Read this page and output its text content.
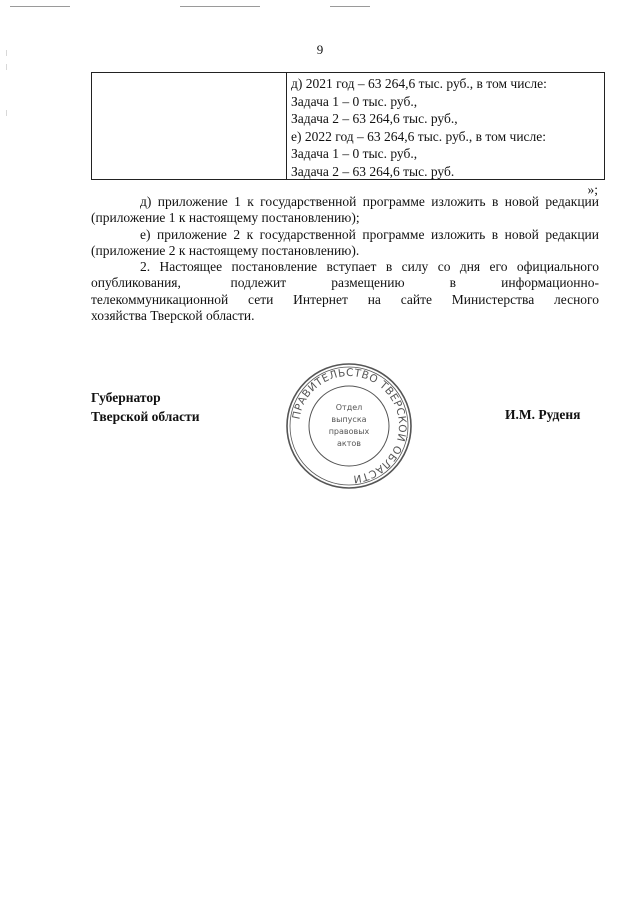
9
д) 2021 год – 63 264,6 тыс. руб., в том числе:
Задача 1 – 0 тыс. руб.,
Задача 2 – 63 264,6 тыс. руб.,
е) 2022 год – 63 264,6 тыс. руб., в том числе:
Задача 1 – 0 тыс. руб.,
Задача 2 – 63 264,6 тыс. руб.
»;

д) приложение 1 к государственной программе изложить в новой редакции (приложение 1 к настоящему постановлению);

е) приложение 2 к государственной программе изложить в новой редакции (приложение 2 к настоящему постановлению).

2. Настоящее постановление вступает в силу со дня его официального

опубликования,           подлежит          размещению          в          информационно-

телекоммуникационной сети Интернет на сайте Министерства лесного

хозяйства Тверской области.

Губернатор
Тверской области	И.М. Руденя
ПРАВИТЕЛЬСТВО ТВЕРСКОЙ ОБЛАСТИ
Отдел
выпуска
правовых
актов
